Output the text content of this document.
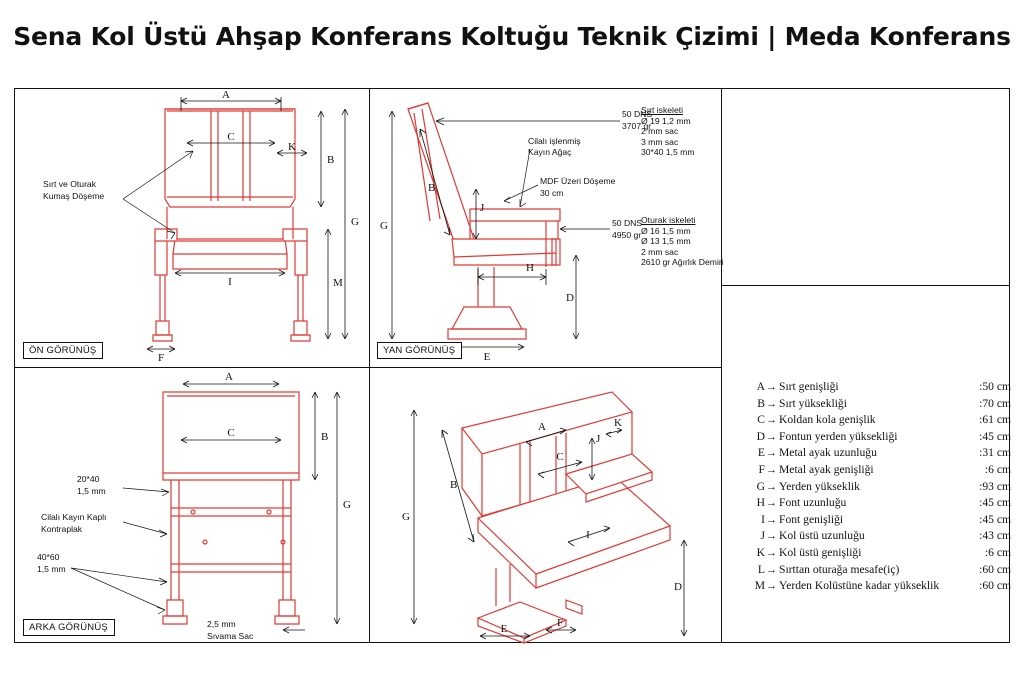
Sena Kol Üstü Ahşap Konferans Koltuğu Teknik Çizimi | Meda Konferans
A
C
K
B
G
M
I
F
Sırt ve Oturak
Kumaş Döşeme
ÖN GÖRÜNÜŞ
B
G
J
H
D
E
50 DNS
3707 gr
Cilalı işlenmiş
Kayın Ağaç
MDF Üzeri Döşeme
30 cm
50 DNS
4950 gr
YAN GÖRÜNÜŞ
Sırt iskeleti
Ø 19 1,2 mm
2 mm sac
3 mm sac
30*40 1,5 mm
Oturak iskeleti
Ø 16 1,5 mm
Ø 13 1,5 mm
2 mm sac
2610 gr Ağırlık Demiri
A
C	B
G
20*40
1,5 mm
Cilalı Kayın Kaplı
Kontraplak
40*60
1,5 mm
2,5 mm
Sıvama Sac
ARKA GÖRÜNÜŞ
A
B
G
C
J
K
I
D
E	F
A → Sırt genişliği	:50 cm
B → Sırt yüksekliği	:70 cm
C → Koldan kola genişlik	:61 cm
D → Fontun yerden yüksekliği	:45 cm
E → Metal ayak uzunluğu	:31 cm
F → Metal ayak genişliği	:6 cm
G → Yerden yükseklik	:93 cm
H → Font uzunluğu	:45 cm
I → Font genişliği	:45 cm
J → Kol üstü uzunluğu	:43 cm
K → Kol üstü genişliği	:6 cm
L → Sırttan oturağa mesafe(iç)	:60 cm
M → Yerden Kolüstüne kadar yükseklik	:60 cm
